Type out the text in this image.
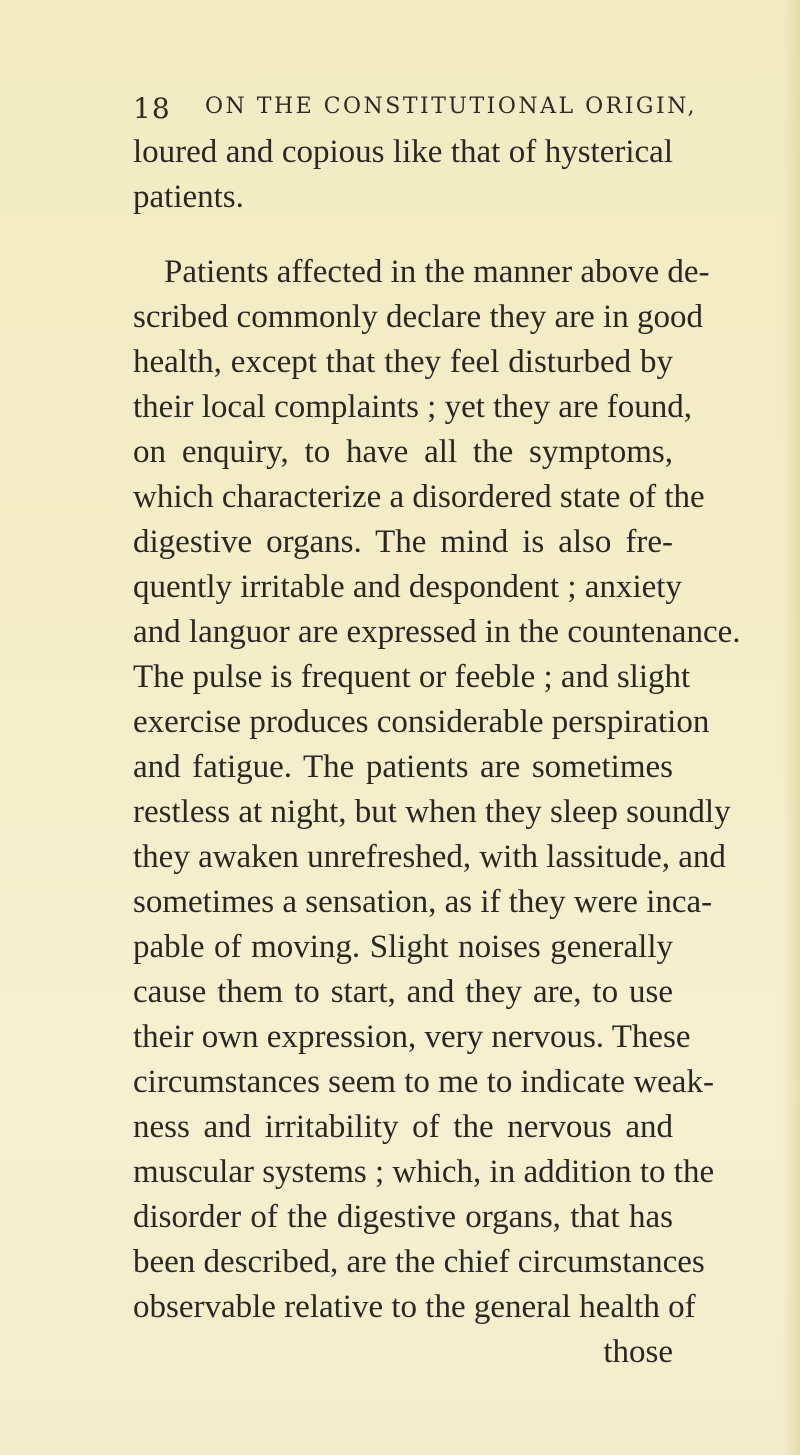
18 ON THE CONSTITUTIONAL ORIGIN,
loured and copious like that of hysterical
patients.
Patients affected in the manner above de-
scribed commonly declare they are in good
health, except that they feel disturbed by
their local complaints ; yet they are found,
on enquiry, to have all the symptoms,
which characterize a disordered state of the
digestive organs. The mind is also fre-
quently irritable and despondent ; anxiety
and languor are expressed in the countenance.
The pulse is frequent or feeble ; and slight
exercise produces considerable perspiration
and fatigue. The patients are sometimes
restless at night, but when they sleep soundly
they awaken unrefreshed, with lassitude, and
sometimes a sensation, as if they were inca-
pable of moving. Slight noises generally
cause them to start, and they are, to use
their own expression, very nervous. These
circumstances seem to me to indicate weak-
ness and irritability of the nervous and
muscular systems ; which, in addition to the
disorder of the digestive organs, that has
been described, are the chief circumstances
observable relative to the general health of
those
